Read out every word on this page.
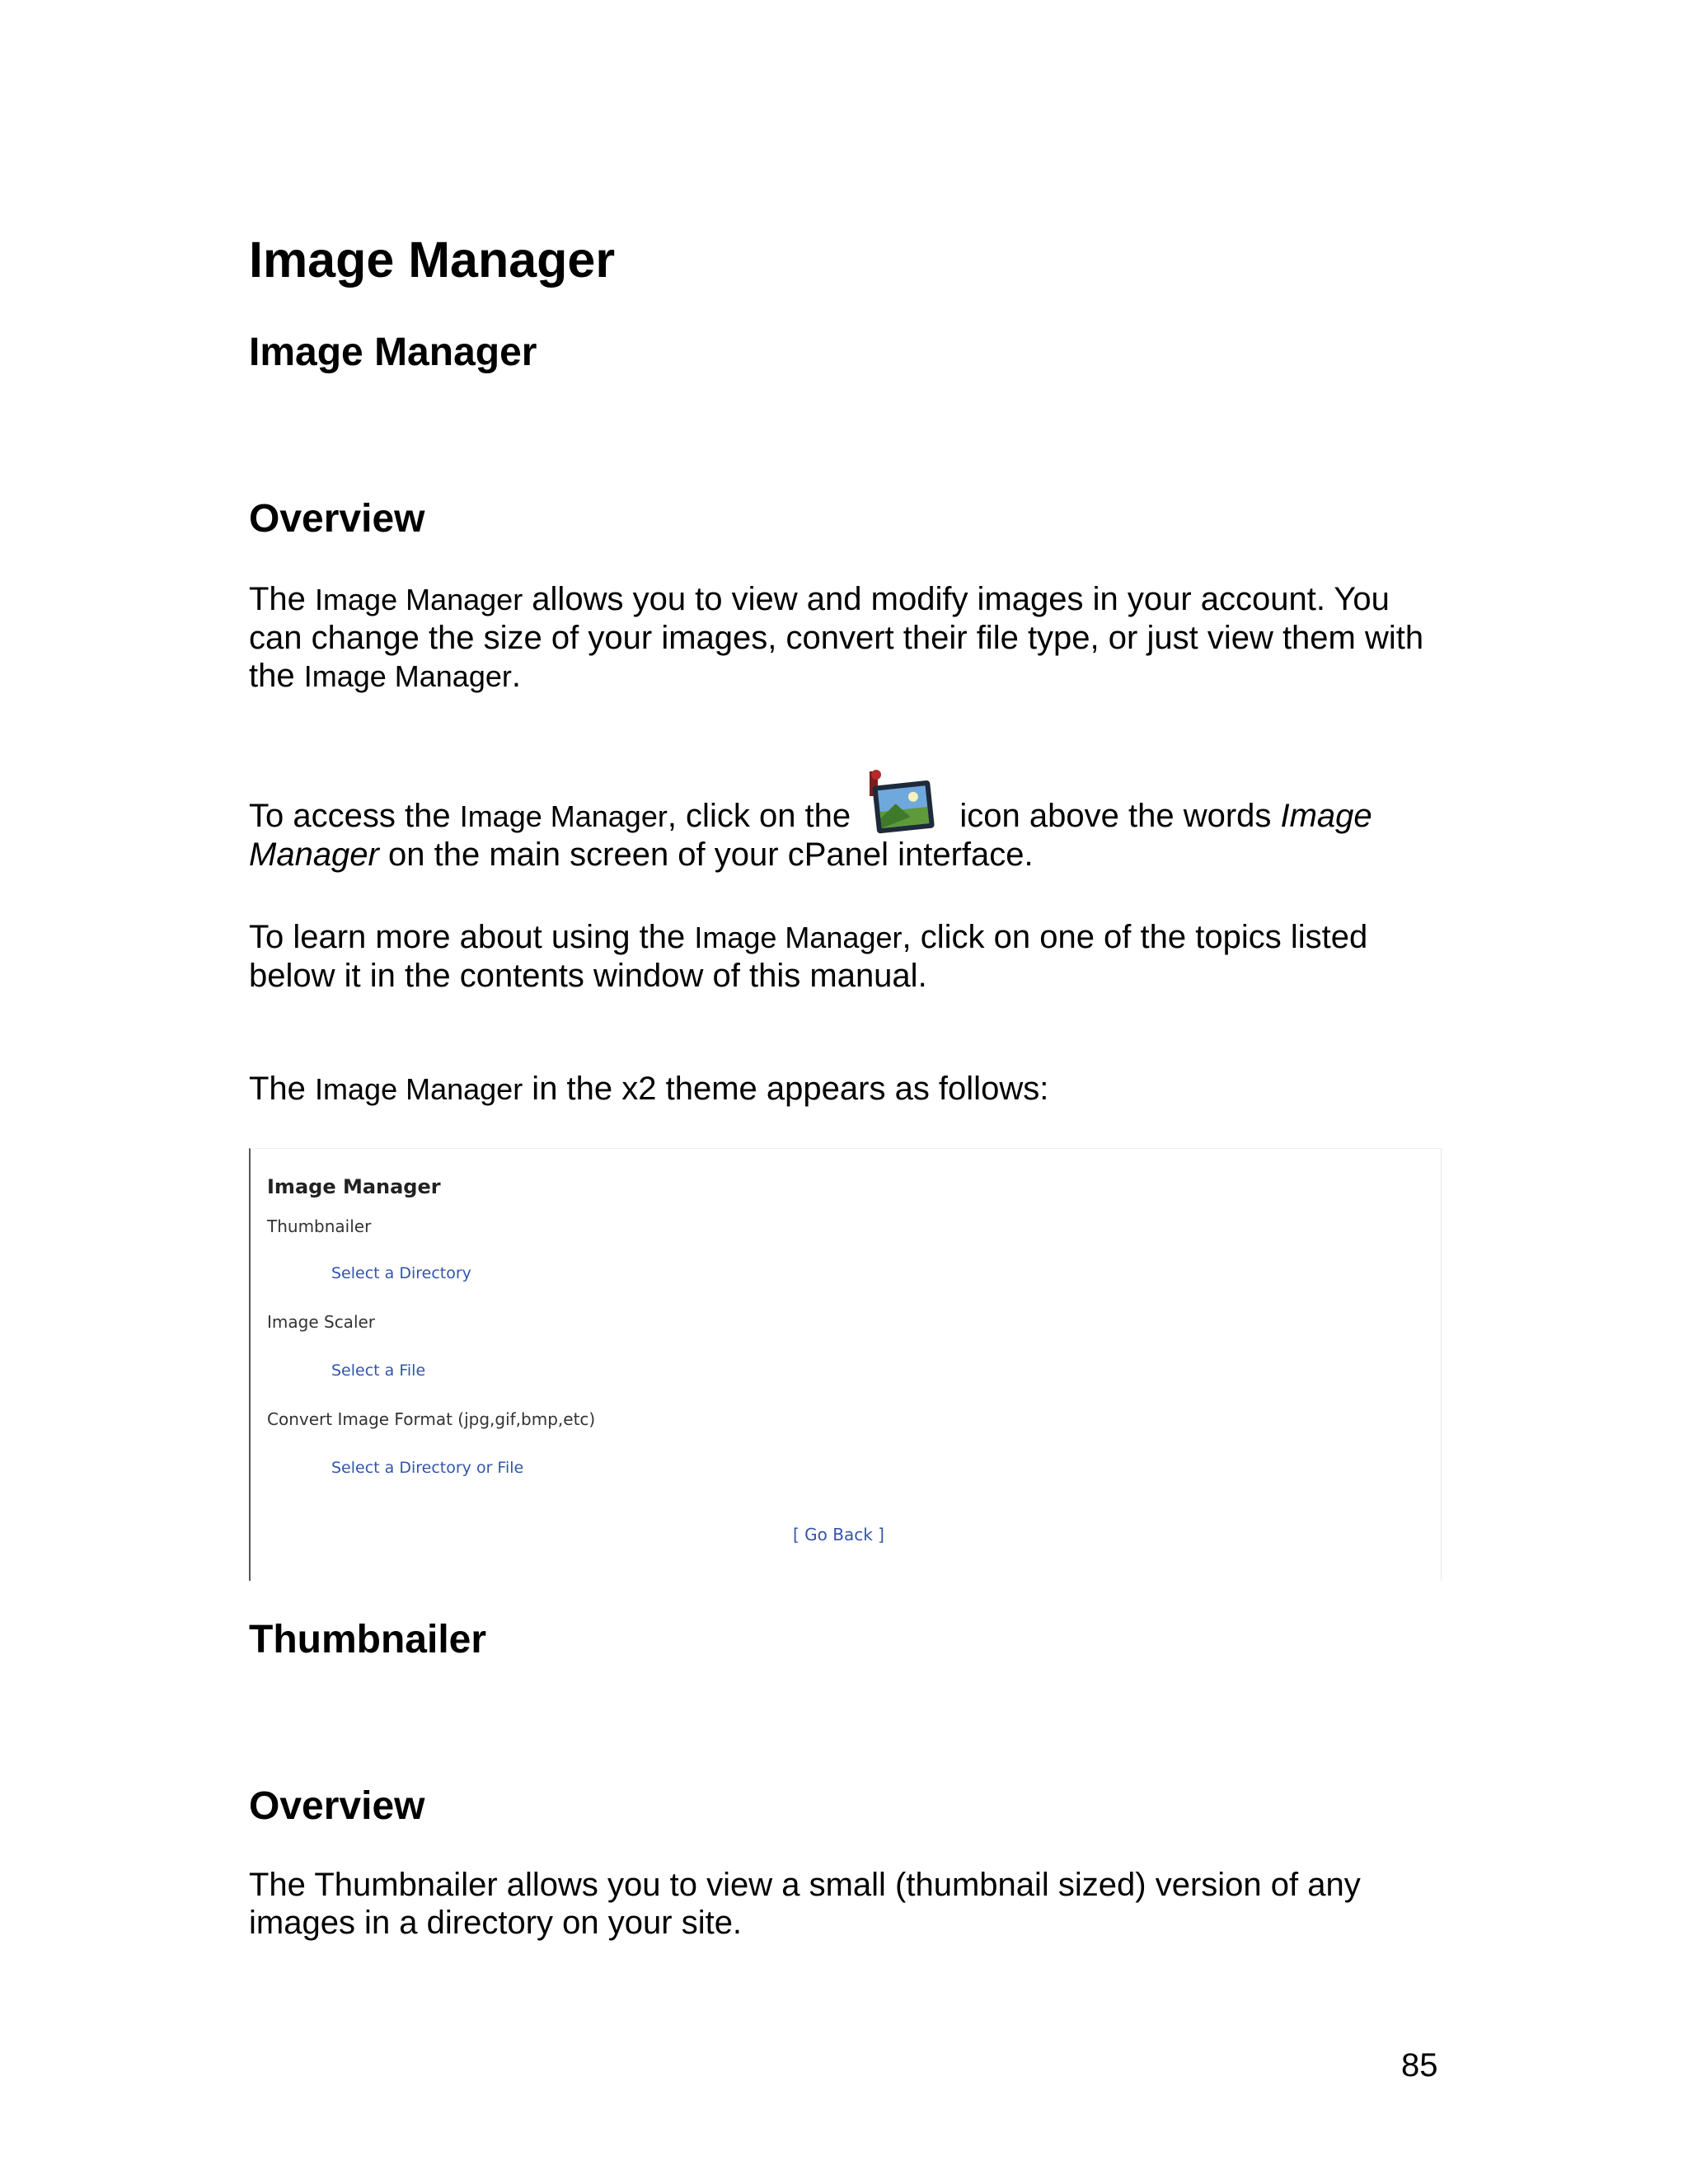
Image Manager
Image Manager
Overview

The Image Manager allows you to view and modify images in your account. You can change the size of your images, convert their file type, or just view them with the Image Manager.

To access the Image Manager, click on the	icon above the words Image Manager on the main screen of your cPanel interface.

To learn more about using the Image Manager, click on one of the topics listed below it in the contents window of this manual.

The Image Manager in the x2 theme appears as follows:

Image Manager
Thumbnailer
Select a Directory
Image Scaler
Select a File
Convert Image Format (jpg,gif,bmp,etc)
Select a Directory or File
[ Go Back ]
Thumbnailer
Overview

The Thumbnailer allows you to view a small (thumbnail sized) version of any images in a directory on your site.

85
